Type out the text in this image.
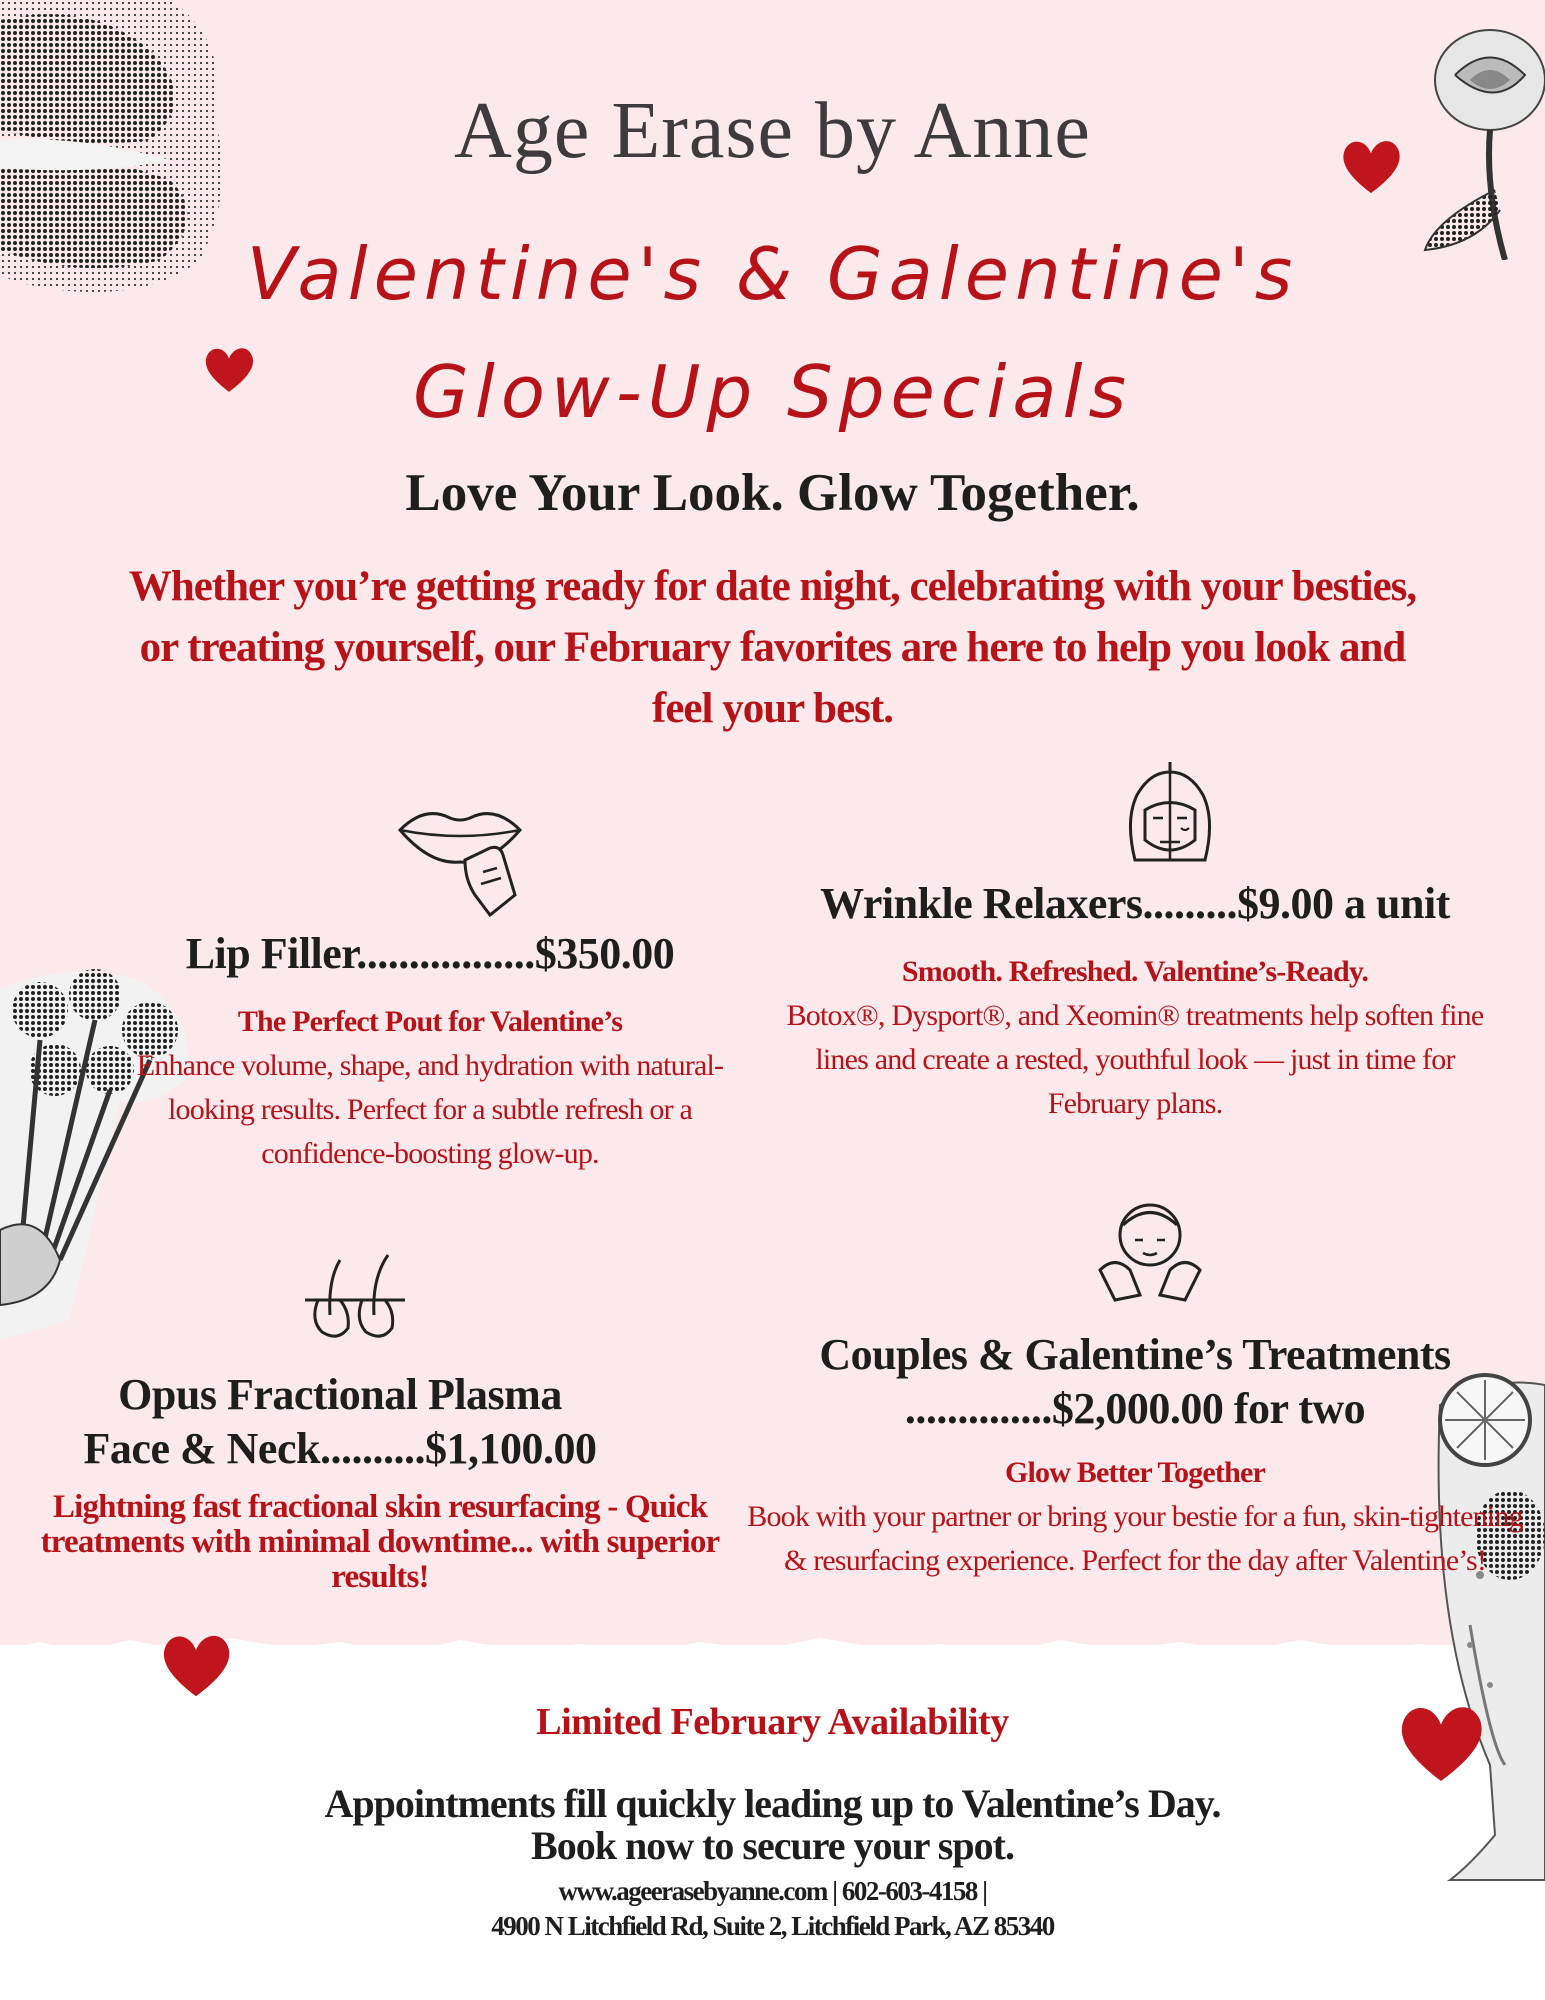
Age Erase by Anne
Valentine's & Galentine's
Glow-Up Specials
Love Your Look. Glow Together.
Whether you’re getting ready for date night, celebrating with your besties, or treating yourself, our February favorites are here to help you look and feel your best.
Lip Filler.................$350.00
The Perfect Pout for Valentine’s
Enhance volume, shape, and hydration with natural-looking results. Perfect for a subtle refresh or a confidence-boosting glow-up.
Wrinkle Relaxers.........$9.00 a unit
Smooth. Refreshed. Valentine’s-Ready.
Botox®, Dysport®, and Xeomin® treatments help soften fine lines and create a rested, youthful look — just in time for February plans.
Opus Fractional Plasma
Face & Neck..........$1,100.00
Lightning fast fractional skin resurfacing - Quick treatments with minimal downtime... with superior results!
Couples & Galentine’s Treatments
..............$2,000.00 for two
Glow Better Together
Book with your partner or bring your bestie for a fun, skin-tightening & resurfacing experience. Perfect for the day after Valentine’s!
Limited February Availability
Appointments fill quickly leading up to Valentine’s Day.
Book now to secure your spot.
www.ageerasebyanne.com | 602-603-4158 |
4900 N Litchfield Rd, Suite 2, Litchfield Park, AZ 85340
